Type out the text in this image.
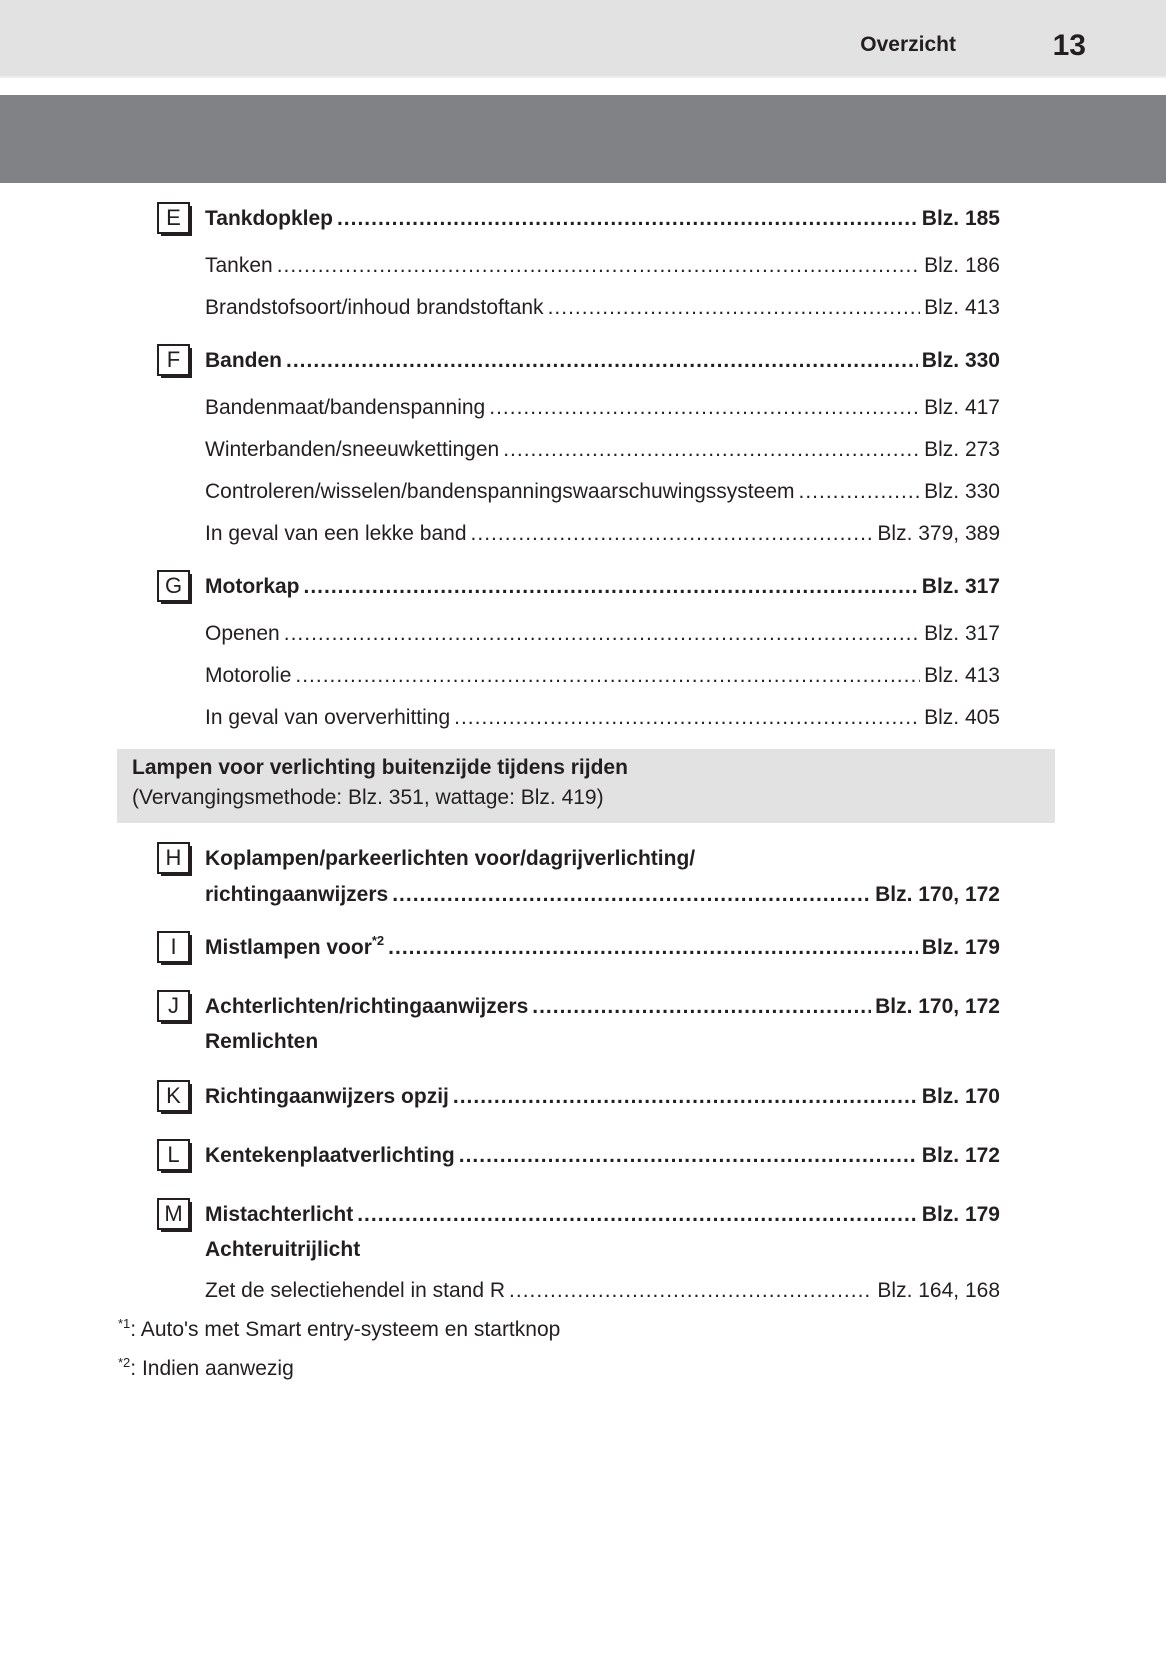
Overzicht	13
E	Tankdopklep .....	Blz. 185
Tanken .....	Blz. 186
Brandstofsoort/inhoud brandstoftank .....	Blz. 413
F	Banden .....	Blz. 330
Bandenmaat/bandenspanning .....	Blz. 417
Winterbanden/sneeuwkettingen .....	Blz. 273
Controleren/wisselen/bandenspanningswaarschuwingssysteem .....	Blz. 330
In geval van een lekke band .....	Blz. 379, 389
G	Motorkap .....	Blz. 317
Openen .....	Blz. 317
Motorolie .....	Blz. 413
In geval van oververhitting .....	Blz. 405
Lampen voor verlichting buitenzijde tijdens rijden
(Vervangingsmethode: Blz. 351, wattage: Blz. 419)
H	Koplampen/parkeerlichten voor/dagrijverlichting/
richtingaanwijzers .....	Blz. 170, 172
I	Mistlampen voor$^{*2}$ .....	Blz. 179
J	Achterlichten/richtingaanwijzers .....	Blz. 170, 172
Remlichten
K	Richtingaanwijzers opzij .....	Blz. 170
L	Kentekenplaatverlichting .....	Blz. 172
M	Mistachterlicht .....	Blz. 179
Achteruitrijlicht
Zet de selectiehendel in stand R .....	Blz. 164, 168
$^{*1}$: Auto's met Smart entry-systeem en startknop
$^{*2}$: Indien aanwezig
